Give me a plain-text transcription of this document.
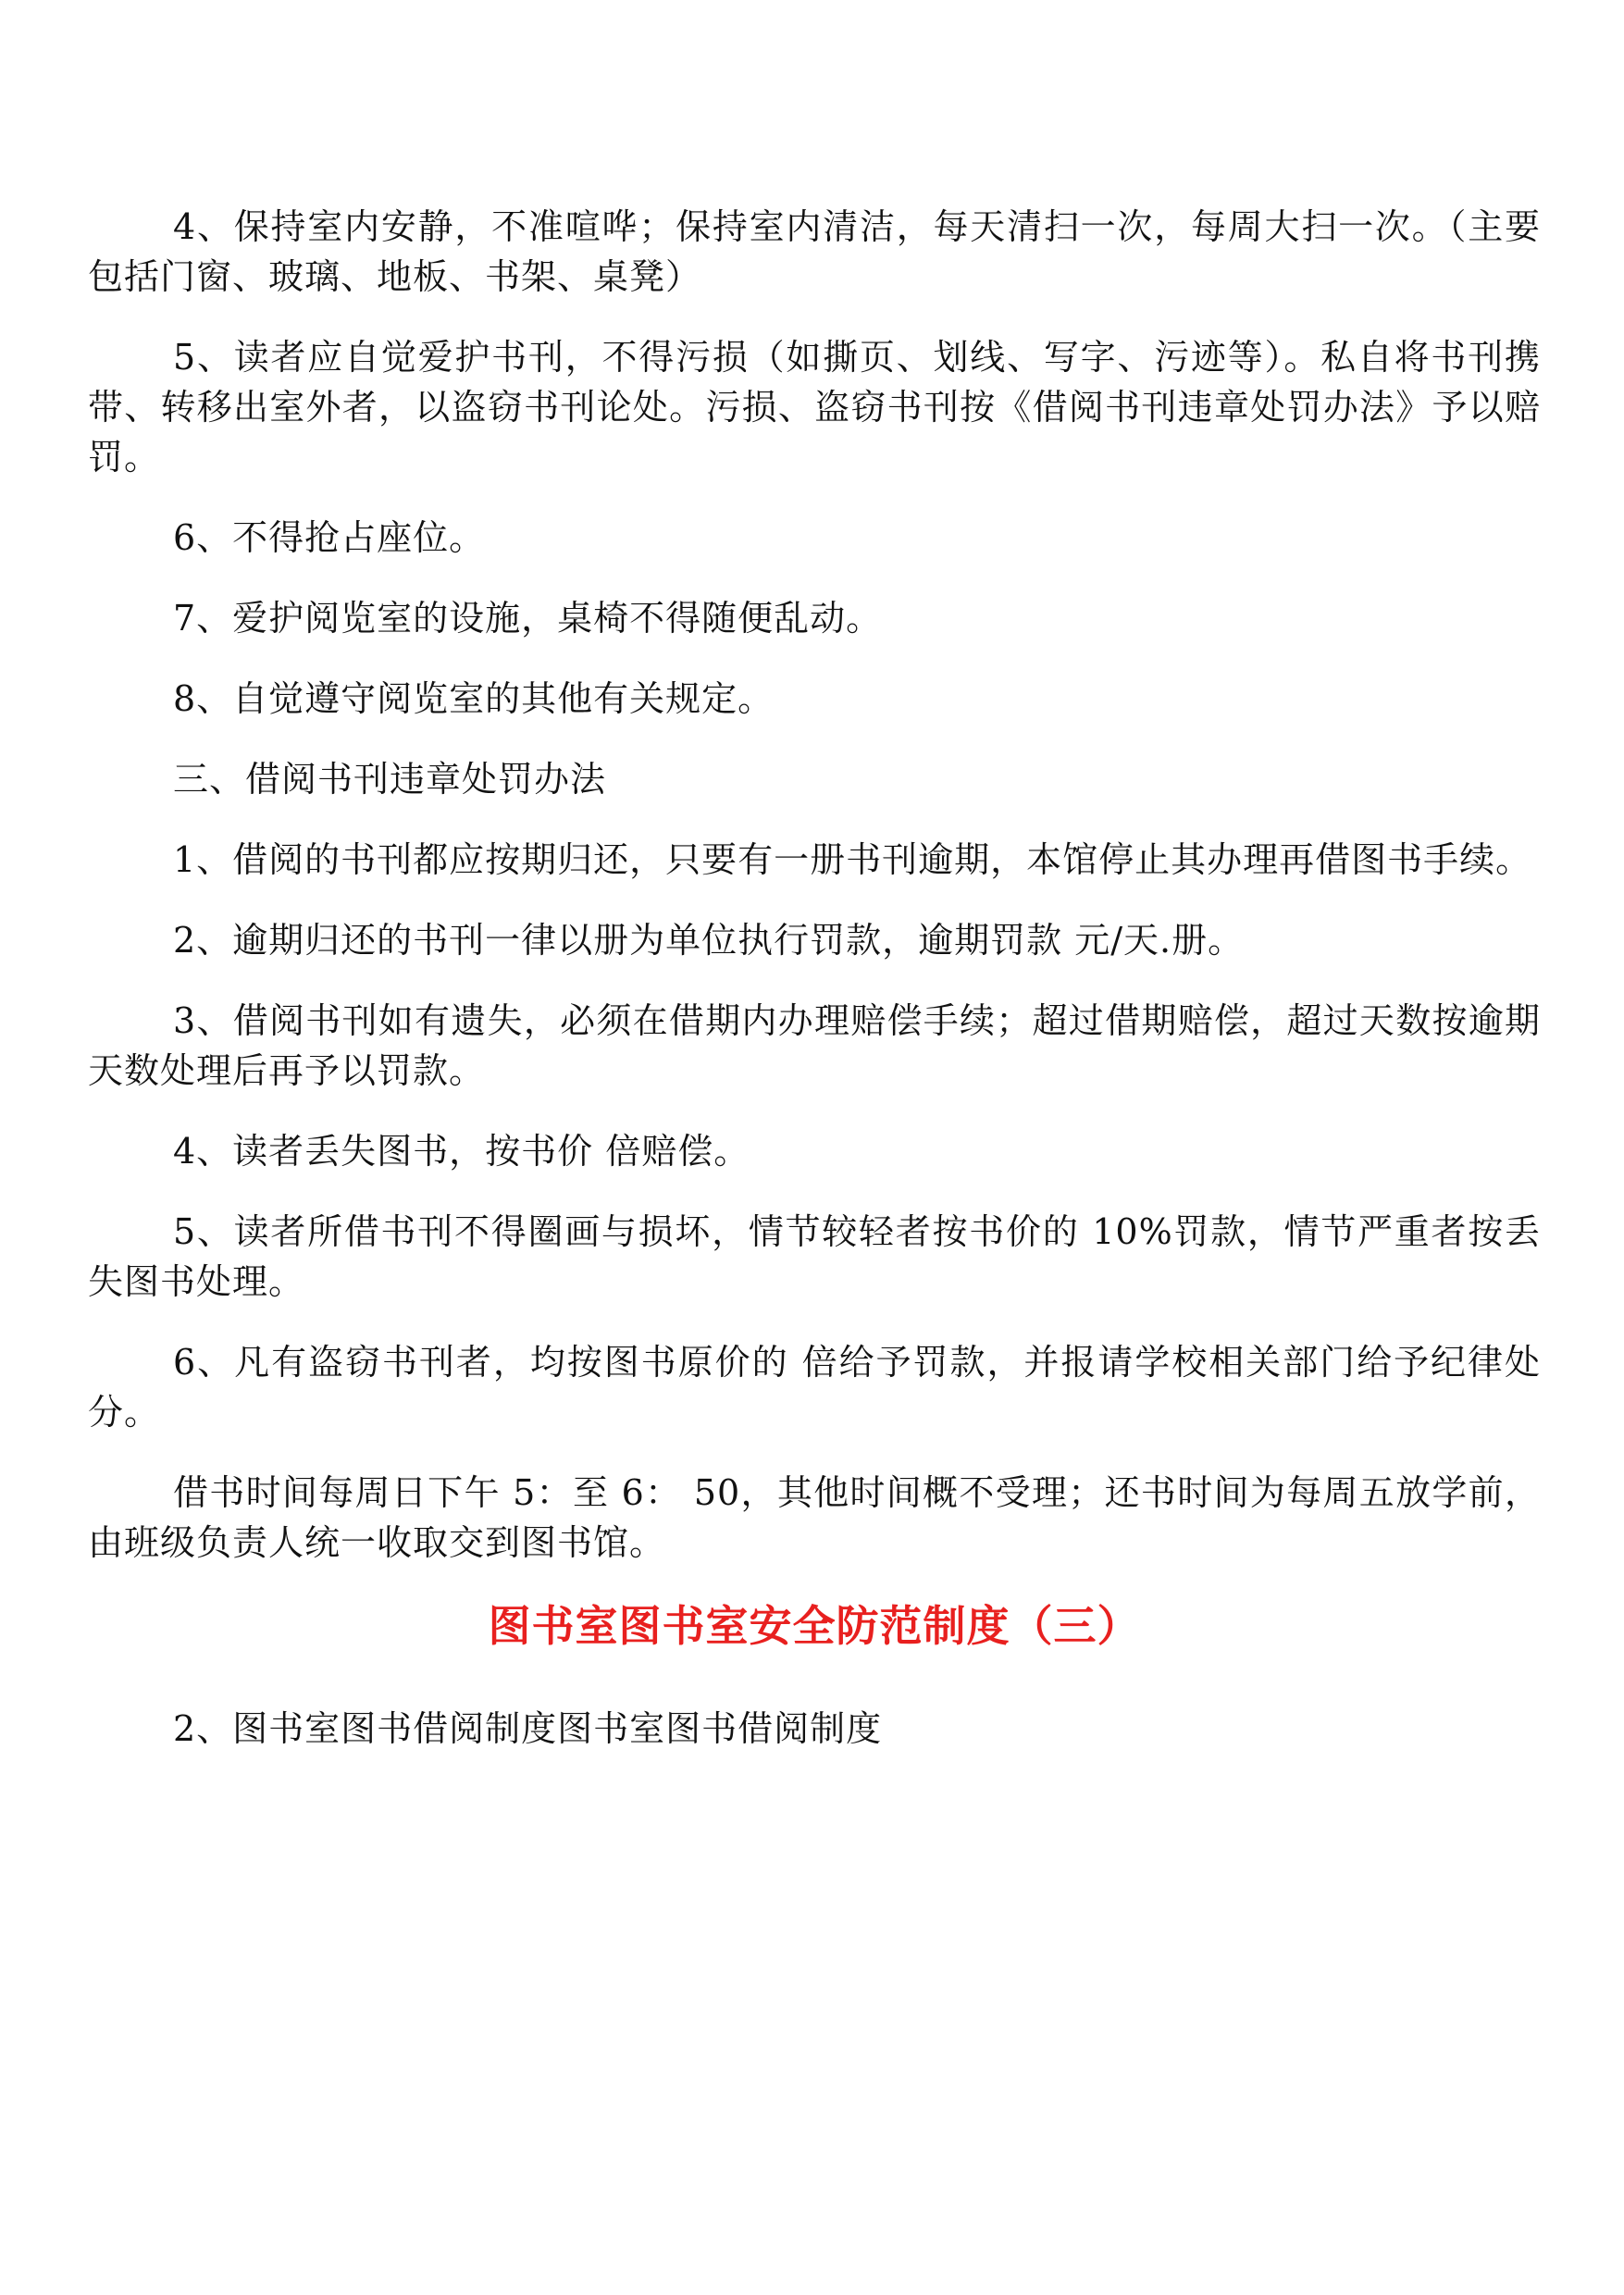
4、保持室内安静，不准喧哗；保持室内清洁，每天清扫一次，每周大扫一次。（主要包括门窗、玻璃、地板、书架、桌凳）

5、读者应自觉爱护书刊，不得污损（如撕页、划线、写字、污迹等）。私自将书刊携带、转移出室外者，以盗窃书刊论处。污损、盗窃书刊按《借阅书刊违章处罚办法》予以赔罚。

6、不得抢占座位。

7、爱护阅览室的设施，桌椅不得随便乱动。

8、自觉遵守阅览室的其他有关规定。

三、借阅书刊违章处罚办法

1、借阅的书刊都应按期归还，只要有一册书刊逾期，本馆停止其办理再借图书手续。

2、逾期归还的书刊一律以册为单位执行罚款，逾期罚款 元/天.册。

3、借阅书刊如有遗失，必须在借期内办理赔偿手续；超过借期赔偿，超过天数按逾期天数处理后再予以罚款。

4、读者丢失图书，按书价 倍赔偿。

5、读者所借书刊不得圈画与损坏，情节较轻者按书价的 10%罚款，情节严重者按丢失图书处理。

6、凡有盗窃书刊者，均按图书原价的 倍给予罚款，并报请学校相关部门给予纪律处分。

借书时间每周日下午 5：至 6： 50，其他时间概不受理；还书时间为每周五放学前，由班级负责人统一收取交到图书馆。

图书室图书室安全防范制度（三）

2、图书室图书借阅制度图书室图书借阅制度
